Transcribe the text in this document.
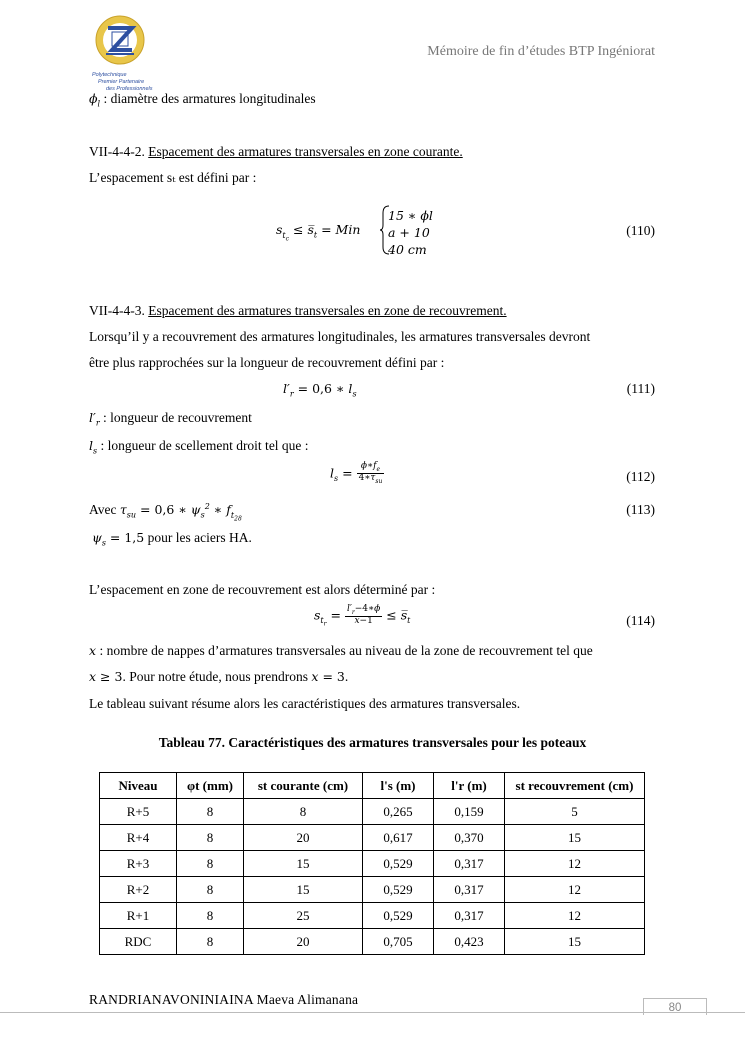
Polytechnique
Premier Partenaire
des Professionnels
Mémoire de fin d’études BTP Ingéniorat
$\phi_l$ : diamètre des armatures longitudinales
VII-4-4-2. Espacement des armatures transversales en zone courante.
L’espacement sₜ est défini par :
$s_{t_c}$ ≤ $s̅_t$ = Min
15 ∗ ϕl
a + 10
40 cm
(110)
VII-4-4-3. Espacement des armatures transversales en zone de recouvrement.
Lorsqu’il y a recouvrement des armatures longitudinales, les armatures transversales devront
être plus rapprochées sur la longueur de recouvrement défini par :
$l'_r = 0,6$ ∗ $l_s$	(111)
$l'_r$ : longueur de recouvrement
$l_s$ : longueur de scellement droit tel que :
$l_s = \frac{\phi∗f_e}{4∗\tau_{su}}$	(112)
Avec $\tau_{su} = 0,6$ ∗ $\psi_s^2$ ∗ $f_{t_{28}}$
(113)
$\psi_s = 1,5$ pour les aciers HA.
L’espacement en zone de recouvrement est alors déterminé par :
$s_{t_r} = \frac{l'_r-4∗\phi}{x-1}$ ≤ $s̅_t$	(114)
x : nombre de nappes d’armatures transversales au niveau de la zone de recouvrement tel que
x ≥ 3. Pour notre étude, nous prendrons x = 3.
Le tableau suivant résume alors les caractéristiques des armatures transversales.
Tableau 77. Caractéristiques des armatures transversales pour les poteaux
Niveau	φt (mm)	st courante (cm)	l's (m)	l'r (m)	st recouvrement (cm)
R+5	8	8	0,265	0,159	5
R+4	8	20	0,617	0,370	15
R+3	8	15	0,529	0,317	12
R+2	8	15	0,529	0,317	12
R+1	8	25	0,529	0,317	12
RDC	8	20	0,705	0,423	15
RANDRIANAVONINIAINA Maeva Alimanana
80
